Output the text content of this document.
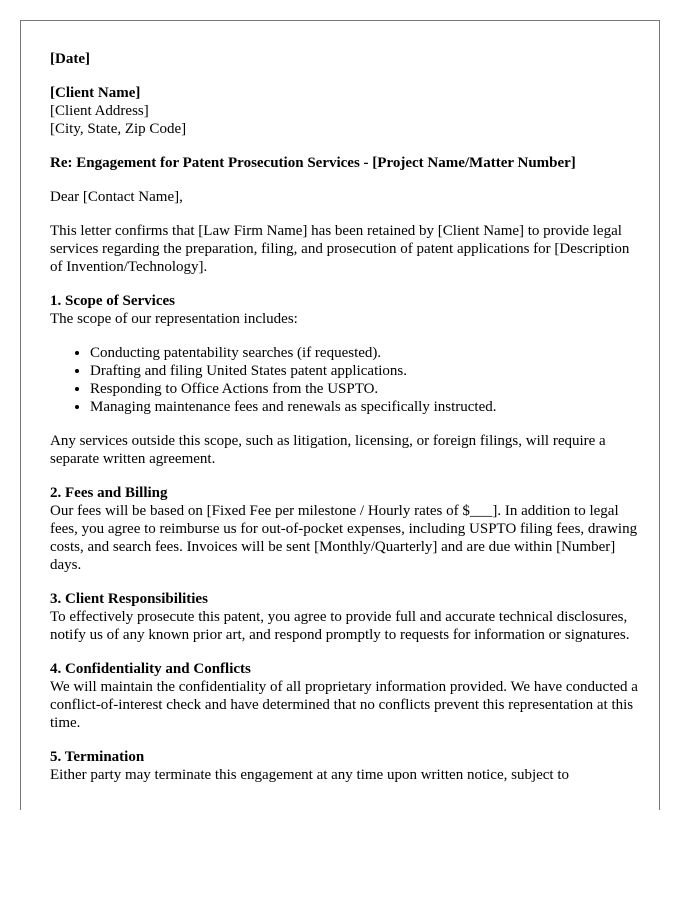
[Date]

[Client Name]
[Client Address]
[City, State, Zip Code]

Re: Engagement for Patent Prosecution Services - [Project Name/Matter Number]

Dear [Contact Name],

This letter confirms that [Law Firm Name] has been retained by [Client Name] to provide legal services regarding the preparation, filing, and prosecution of patent applications for [Description of Invention/Technology].

1. Scope of Services

The scope of our representation includes:

• Conducting patentability searches (if requested).
• Drafting and filing United States patent applications.
• Responding to Office Actions from the USPTO.
• Managing maintenance fees and renewals as specifically instructed.

Any services outside this scope, such as litigation, licensing, or foreign filings, will require a separate written agreement.

2. Fees and Billing

Our fees will be based on [Fixed Fee per milestone / Hourly rates of $___]. In addition to legal fees, you agree to reimburse us for out-of-pocket expenses, including USPTO filing fees, drawing costs, and search fees. Invoices will be sent [Monthly/Quarterly] and are due within [Number] days.

3. Client Responsibilities

To effectively prosecute this patent, you agree to provide full and accurate technical disclosures, notify us of any known prior art, and respond promptly to requests for information or signatures.

4. Confidentiality and Conflicts

We will maintain the confidentiality of all proprietary information provided. We have conducted a conflict-of-interest check and have determined that no conflicts prevent this representation at this time.

5. Termination

Either party may terminate this engagement at any time upon written notice, subject to
